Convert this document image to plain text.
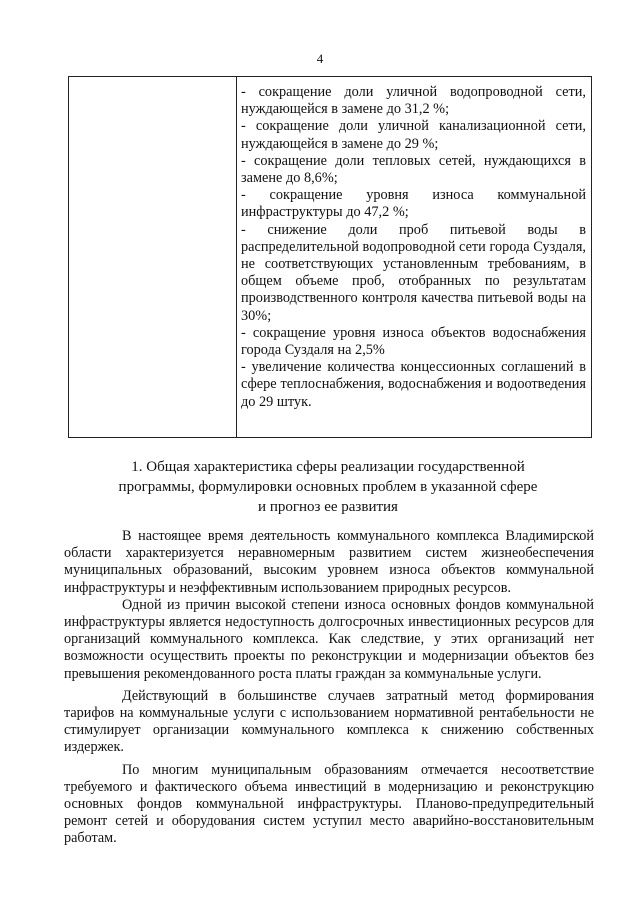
4

- сокращение доли уличной водопроводной сети, нуждающейся в замене до 31,2 %;

- сокращение доли уличной канализационной сети, нуждающейся в замене до 29 %;

- сокращение доли тепловых сетей, нуждающихся в замене до 8,6%;

- сокращение уровня износа коммунальной инфраструктуры до 47,2 %;

- снижение доли проб питьевой воды в распределительной водопроводной сети города Суздаля, не соответствующих установленным требованиям, в общем объеме проб, отобранных по результатам производственного контроля качества питьевой воды на 30%;

- сокращение уровня износа объектов водоснабжения города Суздаля на 2,5%

- увеличение количества концессионных соглашений в сфере теплоснабжения, водоснабжения и водоотведения до 29 штук.

1. Общая характеристика сферы реализации государственной программы, формулировки основных проблем в указанной сфере и прогноз ее развития

В настоящее время деятельность коммунального комплекса Владимирской области характеризуется неравномерным развитием систем жизнеобеспечения муниципальных образований, высоким уровнем износа объектов коммунальной инфраструктуры и неэффективным использованием природных ресурсов.

Одной из причин высокой степени износа основных фондов коммунальной инфраструктуры является недоступность долгосрочных инвестиционных ресурсов для организаций коммунального комплекса. Как следствие, у этих организаций нет возможности осуществить проекты по реконструкции и модернизации объектов без превышения рекомендованного роста платы граждан за коммунальные услуги.

Действующий в большинстве случаев затратный метод формирования тарифов на коммунальные услуги с использованием нормативной рентабельности не стимулирует организации коммунального комплекса к снижению собственных издержек.

По многим муниципальным образованиям отмечается несоответствие требуемого и фактического объема инвестиций в модернизацию и реконструкцию основных фондов коммунальной инфраструктуры. Планово-предупредительный ремонт сетей и оборудования систем уступил место аварийно-восстановительным работам.
